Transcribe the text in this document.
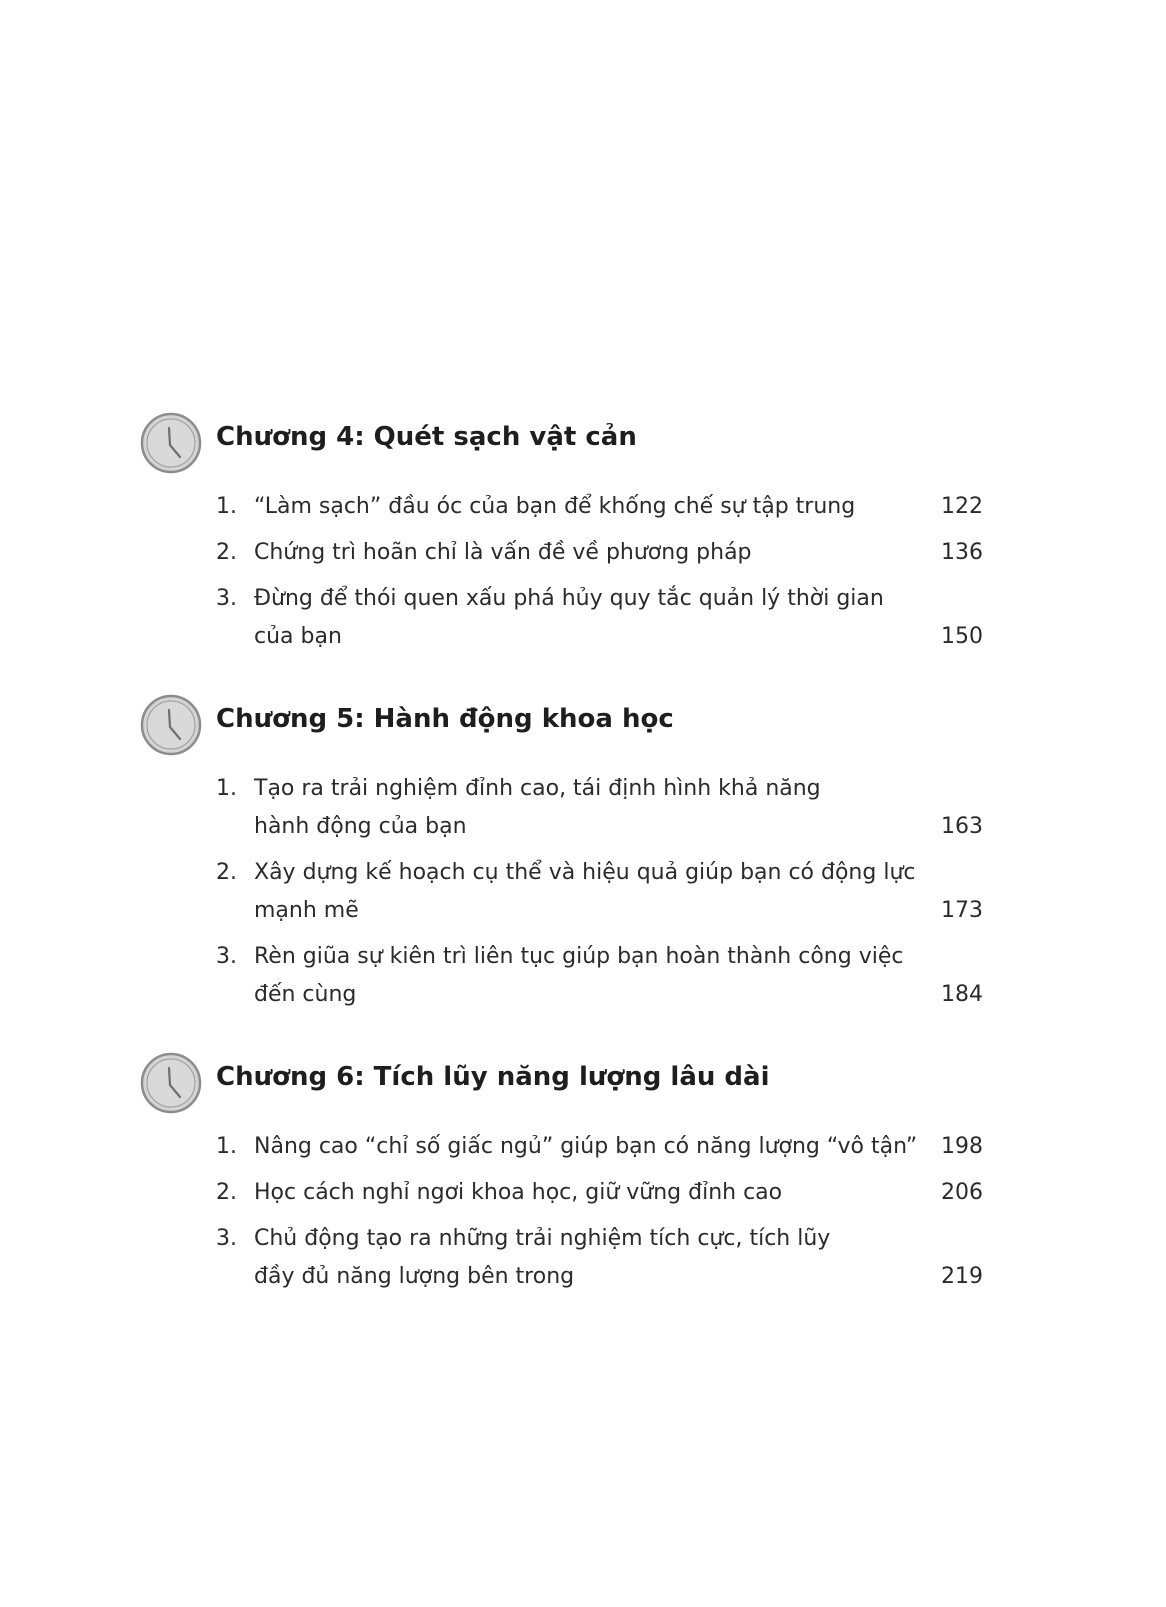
Chương 4: Quét sạch vật cản
1. “Làm sạch” đầu óc của bạn để khống chế sự tập trung	122
2. Chứng trì hoãn chỉ là vấn đề về phương pháp	136
3. Đừng để thói quen xấu phá hủy quy tắc quản lý thời gian
của bạn	150
Chương 5: Hành động khoa học
1. Tạo ra trải nghiệm đỉnh cao, tái định hình khả năng
hành động của bạn	163
2. Xây dựng kế hoạch cụ thể và hiệu quả giúp bạn có động lực
mạnh mẽ	173
3. Rèn giũa sự kiên trì liên tục giúp bạn hoàn thành công việc
đến cùng	184
Chương 6: Tích lũy năng lượng lâu dài
1. Nâng cao “chỉ số giấc ngủ” giúp bạn có năng lượng “vô tận”	198
2. Học cách nghỉ ngơi khoa học, giữ vững đỉnh cao	206
3. Chủ động tạo ra những trải nghiệm tích cực, tích lũy
đầy đủ năng lượng bên trong	219
